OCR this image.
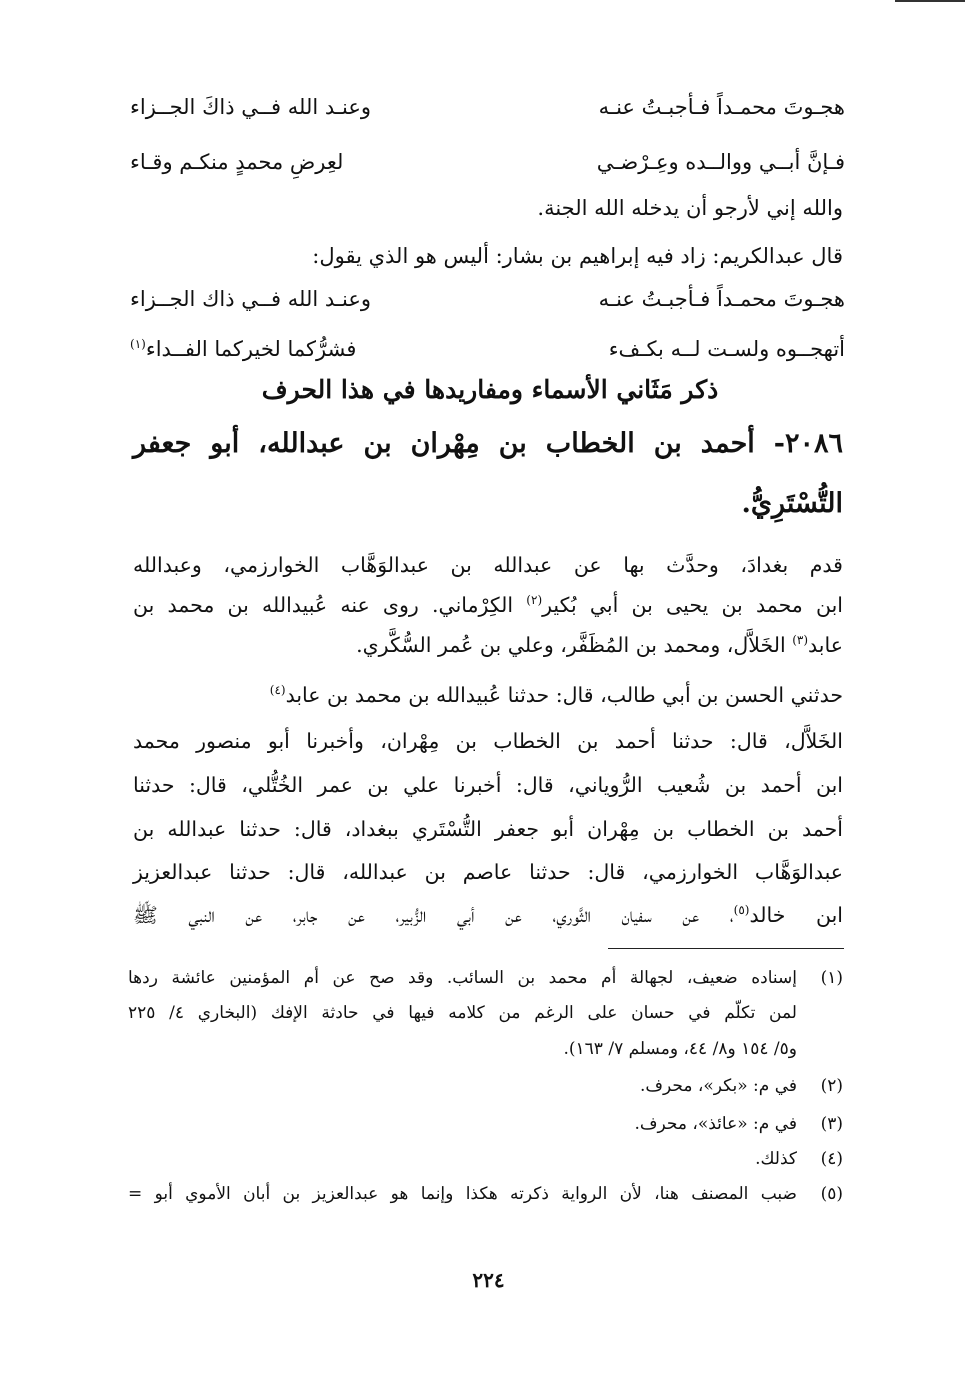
هجـوتَ محمـداً فـأجبـتُ عنـه
وعنـد الله فــي ذاكَ الجــزاء
فـإنَّ أبــي ووالــده وعِـرْضـي
لعِرضِ محمدٍ منكـم وقـاء
والله إني لأرجو أن يدخله الله الجنة.
قال عبدالكريم: زاد فيه إبراهيم بن بشار: أليس هو الذي يقول:
هجـوتَ محمـداً فـأجبـتُ عنـه
وعنـد الله فــي ذاك الجــزاء
أتهجــوه ولسـت لــه بكـفء
فشرُّكما لخيركما الفــداء$^{(١)}$
ذكر مَثَاني الأسماء ومفاريدها في هذا الحرف
٢٠٨٦- أحمد بن الخطاب بن مِهْران بن عبدالله، أبو جعفر
التُّسْتَرِيُّ.
قدم بغدادَ، وحدَّث بها عن عبدالله بن عبدالوَهَّاب الخوارزمي، وعبدالله
ابن محمد بن يحيى بن أبي بُكير$^{(٢)}$ الكِرْماني. روى عنه عُبيدالله بن محمد بن
عابد$^{(٣)}$ الخَلاَّل، ومحمد بن المُظَفَّر، وعلي بن عُمر السُّكَّري.
حدثني الحسن بن أبي طالب، قال: حدثنا عُبيدالله بن محمد بن عابد$^{(٤)}$
الخَلاَّل، قال: حدثنا أحمد بن الخطاب بن مِهْران، وأخبرنا أبو منصور محمد
ابن أحمد بن شُعيب الرُّوياني، قال: أخبرنا علي بن عمر الخُتُّلي، قال: حدثنا
أحمد بن الخطاب بن مِهْران أبو جعفر التُّسْتَري ببغداد، قال: حدثنا عبدالله بن
عبدالوَهَّاب الخوارزمي، قال: حدثنا عاصم بن عبدالله، قال: حدثنا عبدالعزيز
ابن خالد$^{(٥)}$، عن سفيان الثَّوري، عن أبي الزُّبير، عن جابر، عن النبي ﷺ
(١)
إسناده ضعيف، لجهالة أم محمد بن السائب. وقد صح عن أم المؤمنين عائشة ردها
لمن تكلّم في حسان على الرغم من كلامه فيها في حادثة الإفك (البخاري ٤/ ٢٢٥
و٥/ ١٥٤ و٨/ ٤٤، ومسلم ٧/ ١٦٣).
(٢)
في م: «بكر»، محرف.
(٣)
في م: «عائذ»، محرف.
(٤)
كذلك.
(٥)
ضبب المصنف هنا، لأن الرواية ذكرته هكذا وإنما هو عبدالعزيز بن أبان الأموي أبو =
٢٢٤
